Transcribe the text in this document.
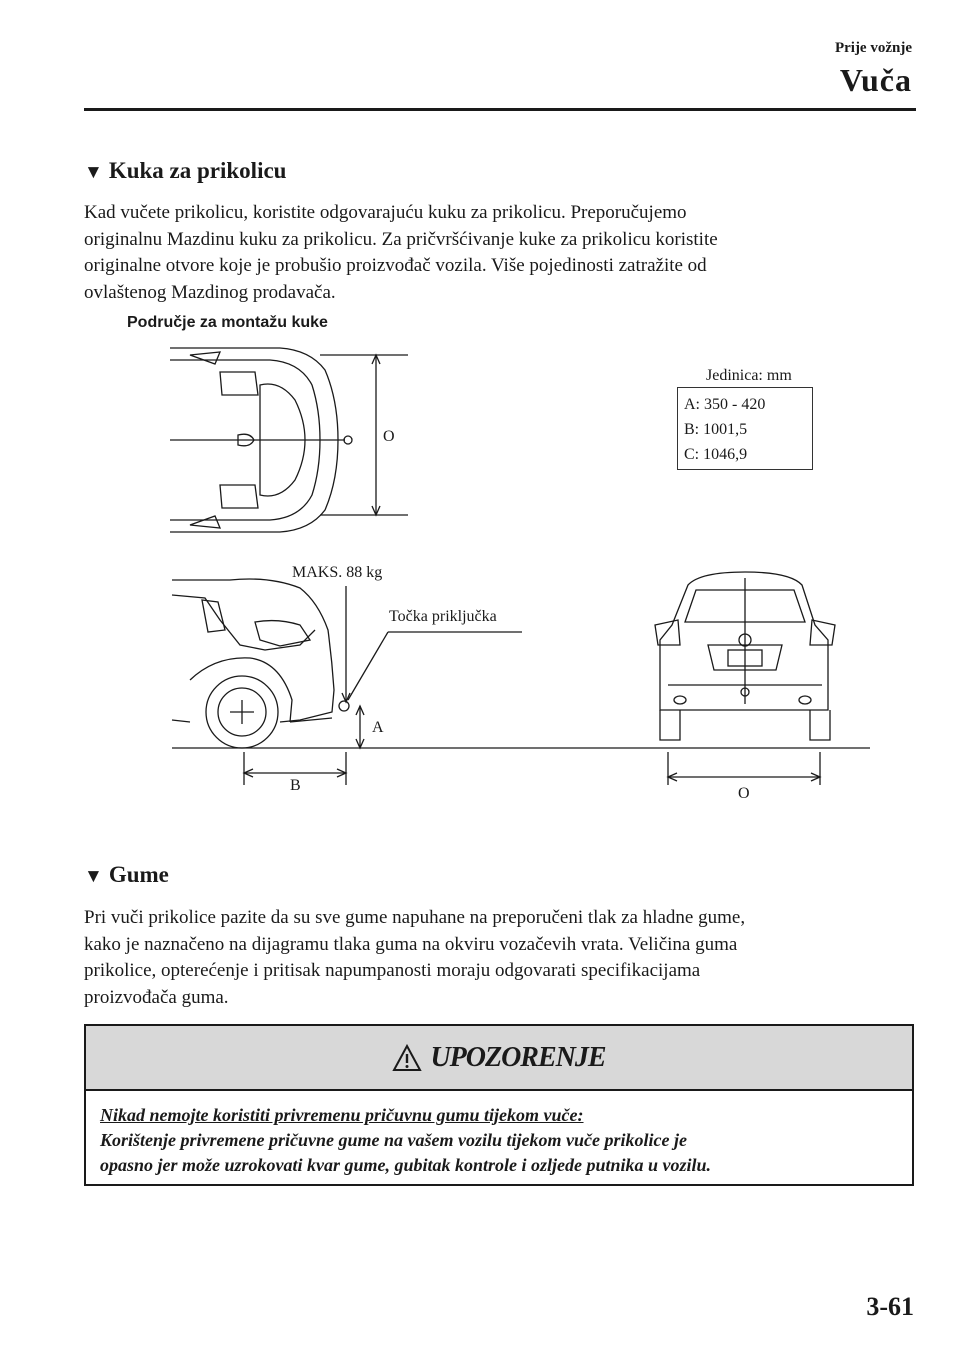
Prije vožnje
Vuča
▼ Kuka za prikolicu
Kad vučete prikolicu, koristite odgovarajuću kuku za prikolicu. Preporučujemo
originalnu Mazdinu kuku za prikolicu. Za pričvršćivanje kuke za prikolicu koristite
originalne otvore koje je probušio proizvođač vozila. Više pojedinosti zatražite od
ovlaštenog Mazdinog prodavača.
Područje za montažu kuke
Jedinica: mm
A: 350 - 420
B: 1001,5
C: 1046,9
O
MAKS. 88 kg
Točka priključka
A
B	O
▼ Gume
Pri vuči prikolice pazite da su sve gume napuhane na preporučeni tlak za hladne gume,
kako je naznačeno na dijagramu tlaka guma na okviru vozačevih vrata. Veličina guma
prikolice, opterećenje i pritisak napumpanosti moraju odgovarati specifikacijama
proizvođača guma.
UPOZORENJE
Nikad nemojte koristiti privremenu pričuvnu gumu tijekom vuče:
Korištenje privremene pričuvne gume na vašem vozilu tijekom vuče prikolice je
opasno jer može uzrokovati kvar gume, gubitak kontrole i ozljede putnika u vozilu.
3-61
